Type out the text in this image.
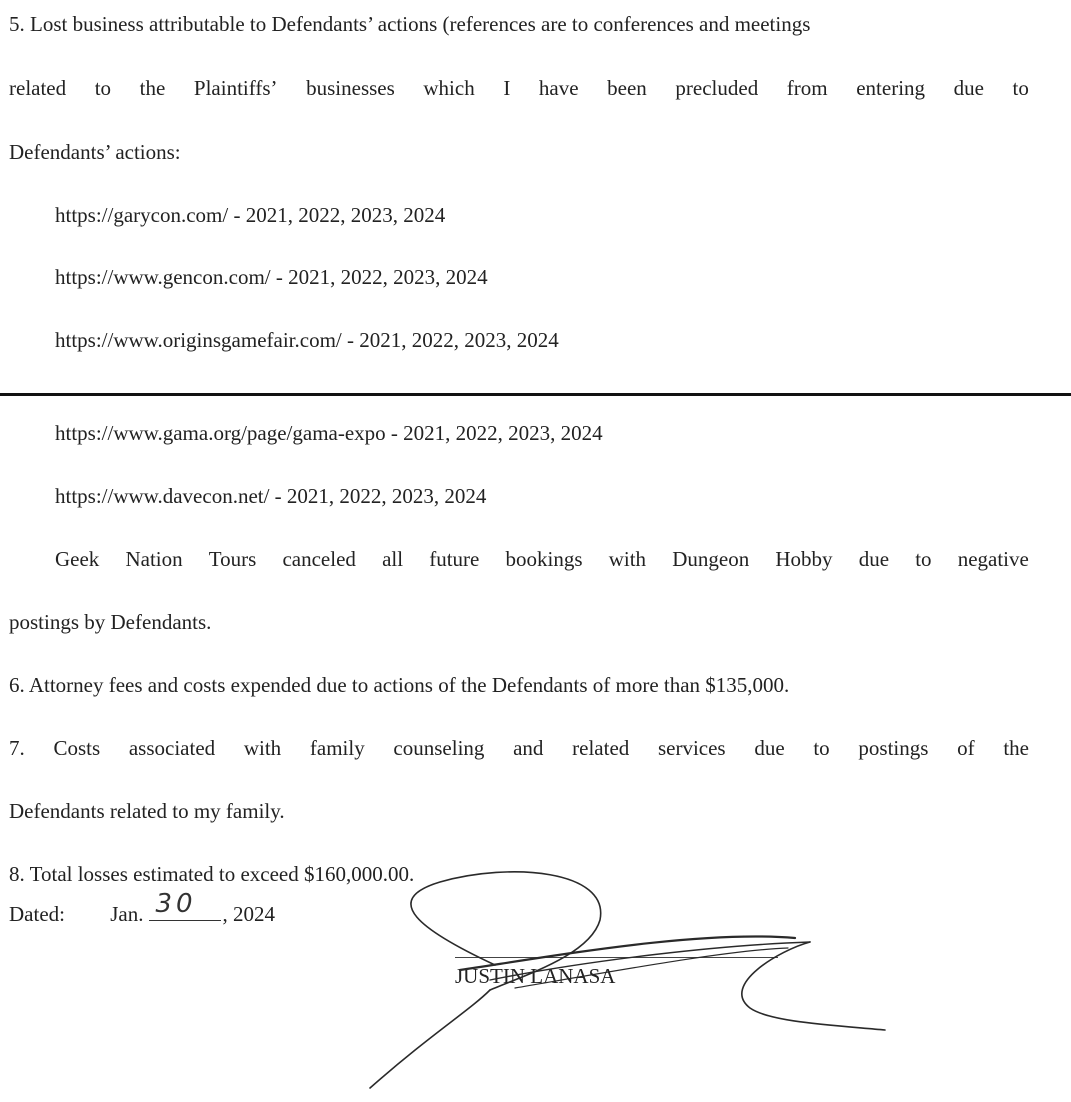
5. Lost business attributable to Defendants’ actions (references are to conferences and meetings
related to the Plaintiffs’ businesses which I have been precluded from entering due to
Defendants’ actions:
https://garycon.com/ - 2021, 2022, 2023, 2024
https://www.gencon.com/ - 2021, 2022, 2023, 2024
https://www.originsgamefair.com/ - 2021, 2022, 2023, 2024
https://www.gama.org/page/gama-expo - 2021, 2022, 2023, 2024
https://www.davecon.net/ - 2021, 2022, 2023, 2024
Geek Nation Tours canceled all future bookings with Dungeon Hobby due to negative
postings by Defendants.
6. Attorney fees and costs expended due to actions of the Defendants of more than $135,000.
7. Costs associated with family counseling and related services due to postings of the
Defendants related to my family.
8. Total losses estimated to exceed $160,000.00.
Dated: Jan. 30 , 2024
JUSTIN LANASA
